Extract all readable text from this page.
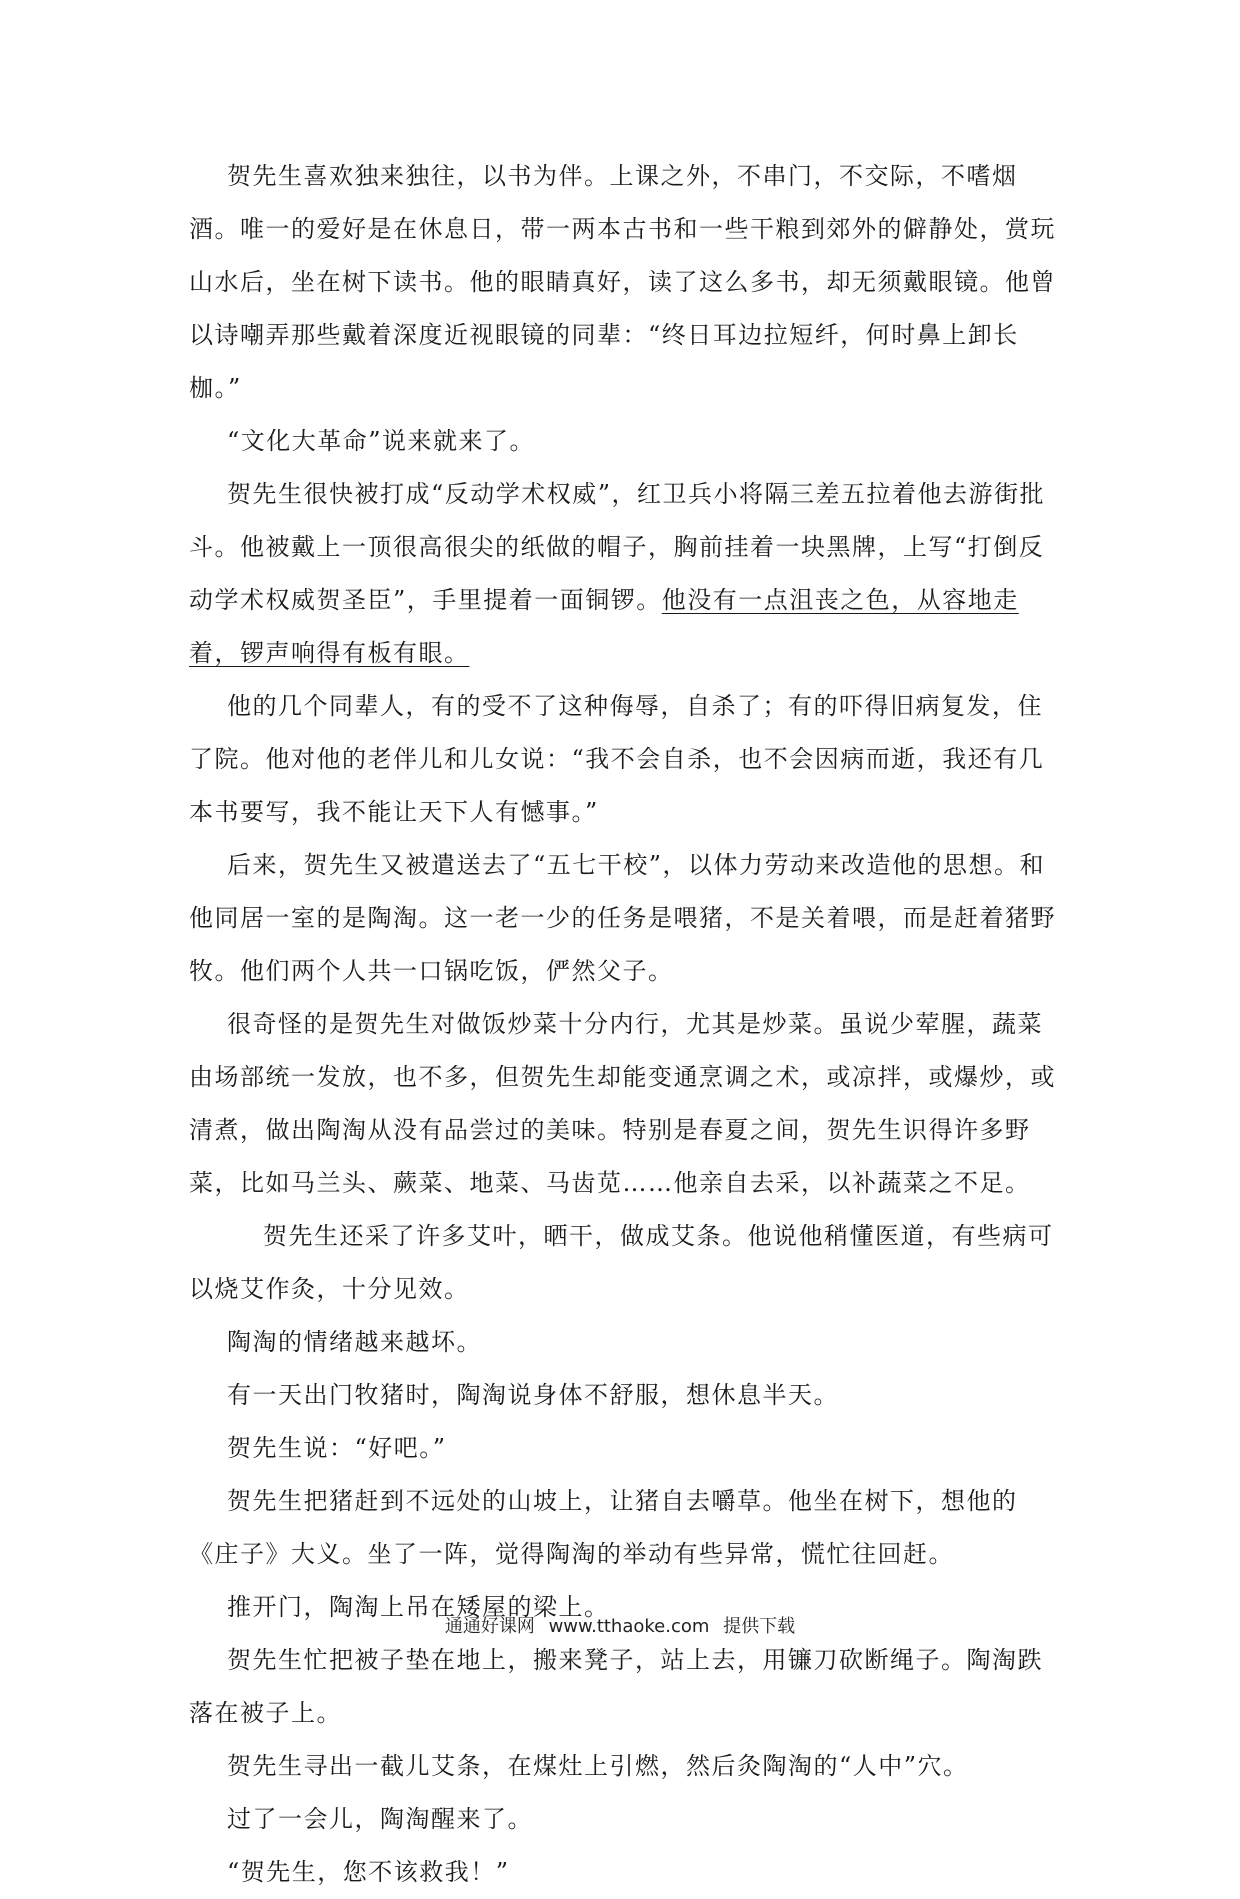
贺先生喜欢独来独往，以书为伴。上课之外，不串门，不交际，不嗜烟酒。唯一的爱好是在休息日，带一两本古书和一些干粮到郊外的僻静处，赏玩山水后，坐在树下读书。他的眼睛真好，读了这么多书，却无须戴眼镜。他曾以诗嘲弄那些戴着深度近视眼镜的同辈：“终日耳边拉短纤，何时鼻上卸长枷。”

“文化大革命”说来就来了。

贺先生很快被打成“反动学术权威”，红卫兵小将隔三差五拉着他去游街批斗。他被戴上一顶很高很尖的纸做的帽子，胸前挂着一块黑牌，上写“打倒反动学术权威贺圣臣”，手里提着一面铜锣。他没有一点沮丧之色，从容地走着，锣声响得有板有眼。

他的几个同辈人，有的受不了这种侮辱，自杀了；有的吓得旧病复发，住了院。他对他的老伴儿和儿女说：“我不会自杀，也不会因病而逝，我还有几本书要写，我不能让天下人有憾事。”

后来，贺先生又被遣送去了“五七干校”，以体力劳动来改造他的思想。和他同居一室的是陶淘。这一老一少的任务是喂猪，不是关着喂，而是赶着猪野牧。他们两个人共一口锅吃饭，俨然父子。

很奇怪的是贺先生对做饭炒菜十分内行，尤其是炒菜。虽说少荤腥，蔬菜由场部统一发放，也不多，但贺先生却能变通烹调之术，或凉拌，或爆炒，或清煮，做出陶淘从没有品尝过的美味。特别是春夏之间，贺先生识得许多野菜，比如马兰头、蕨菜、地菜、马齿苋……他亲自去采，以补蔬菜之不足。

贺先生还采了许多艾叶，晒干，做成艾条。他说他稍懂医道，有些病可以烧艾作灸，十分见效。

陶淘的情绪越来越坏。

有一天出门牧猪时，陶淘说身体不舒服，想休息半天。

贺先生说：“好吧。”

贺先生把猪赶到不远处的山坡上，让猪自去嚼草。他坐在树下，想他的《庄子》大义。坐了一阵，觉得陶淘的举动有些异常，慌忙往回赶。

推开门，陶淘上吊在矮屋的梁上。

贺先生忙把被子垫在地上，搬来凳子，站上去，用镰刀砍断绳子。陶淘跌落在被子上。

贺先生寻出一截儿艾条，在煤灶上引燃，然后灸陶淘的“人中”穴。

过了一会儿，陶淘醒来了。

“贺先生，您不该救我！”

通通好课网 www.tthaoke.com 提供下载
